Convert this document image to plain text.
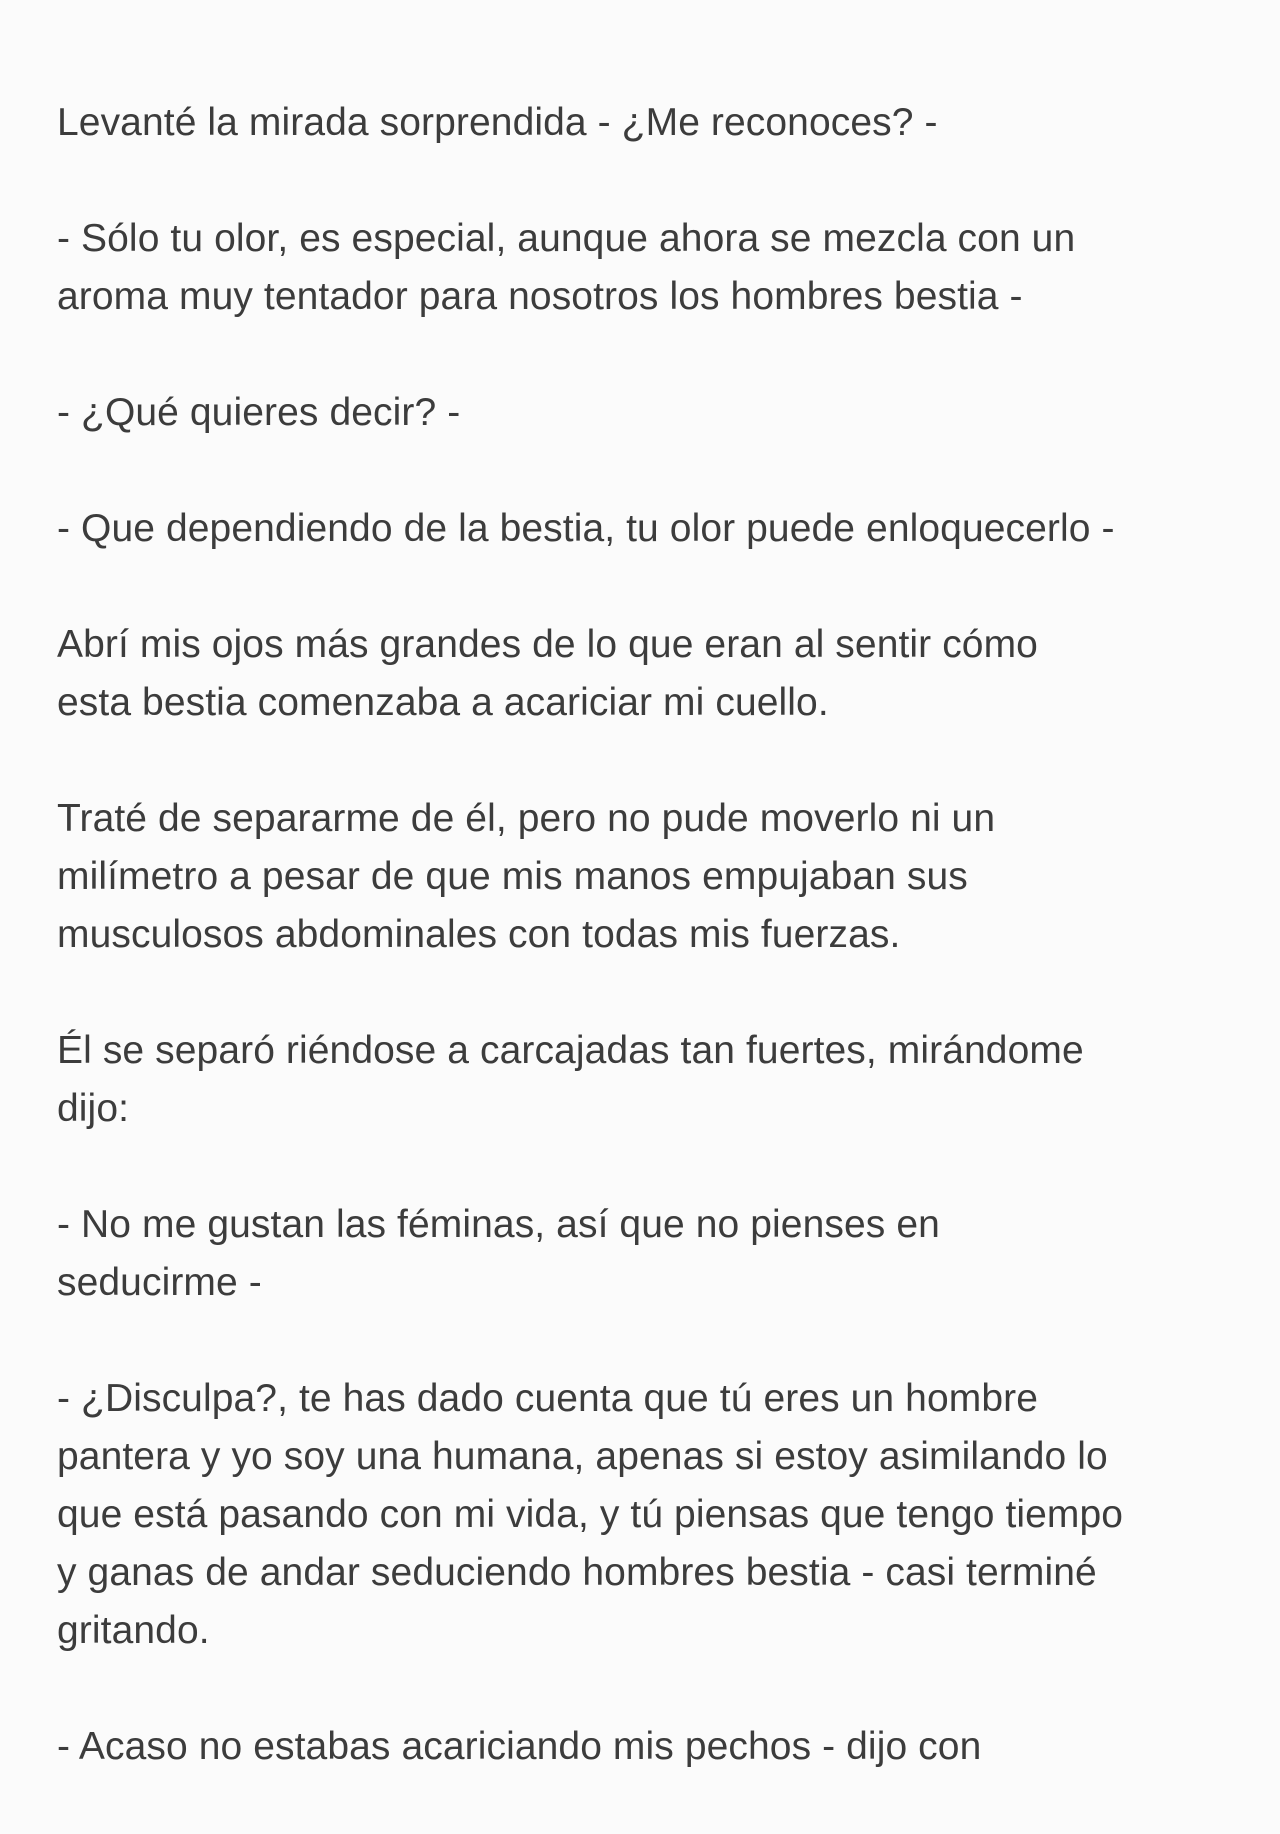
Levanté la mirada sorprendida - ¿Me reconoces? -

- Sólo tu olor, es especial, aunque ahora se mezcla con un
aroma muy tentador para nosotros los hombres bestia -

- ¿Qué quieres decir? -

- Que dependiendo de la bestia, tu olor puede enloquecerlo -

Abrí mis ojos más grandes de lo que eran al sentir cómo
esta bestia comenzaba a acariciar mi cuello.

Traté de separarme de él, pero no pude moverlo ni un
milímetro a pesar de que mis manos empujaban sus
musculosos abdominales con todas mis fuerzas.

Él se separó riéndose a carcajadas tan fuertes, mirándome
dijo:

- No me gustan las féminas, así que no pienses en
seducirme -

- ¿Disculpa?, te has dado cuenta que tú eres un hombre
pantera y yo soy una humana, apenas si estoy asimilando lo
que está pasando con mi vida, y tú piensas que tengo tiempo
y ganas de andar seduciendo hombres bestia - casi terminé
gritando.

- Acaso no estabas acariciando mis pechos - dijo con
